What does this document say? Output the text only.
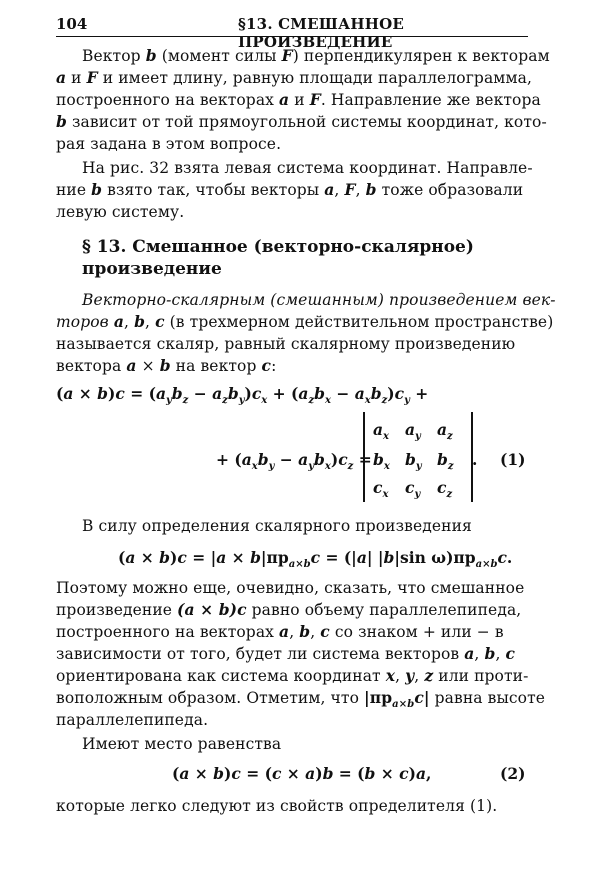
104	§13. СМЕШАННОЕ ПРОИЗВЕДЕНИЕ
Вектор b (момент силы F) перпендикулярен к векторам
a и F и имеет длину, равную площади параллелограмма,
построенного на векторах a и F. Направление же вектора
b зависит от той прямоугольной системы координат, кото-
рая задана в этом вопросе.
На рис. 32 взята левая система координат. Направле-
ние b взято так, чтобы векторы a, F, b тоже образовали
левую систему.
§ 13. Смешанное (векторно-скалярное)
произведение
Векторно-скалярным (смешанным) произведением век-
торов a, b, c (в трехмерном действительном пространстве)
называется скаляр, равный скалярному произведению
вектора a × b на вектор c:
$(a \times b)c = (a_yb_z - a_zb_y)c_x + (a_zb_x - a_xb_z)c_y$ +
+ $(a_xb_y - a_yb_x)c_z$ =
$a_x$ $a_y$ $a_z$
$b_x$ $b_y$ $b_z$
$c_x$ $c_y$ $c_z$
. (1)
В силу определения скалярного произведения
$(a \times b)c = |a \times b|пр_{a\times b}c = (|a|$ |b|sin $\omega)пр_{a\times b}c$.
Поэтому можно еще, очевидно, сказать, что смешанное
произведение (a × b)c равно объему параллелепипеда,
построенного на векторах a, b, c со знаком + или − в
зависимости от того, будет ли система векторов a, b, c
ориентирована как система координат x, y, z или проти-
воположным образом. Отметим, что $|пр_{a\times b}c|$ равна высоте
параллелепипеда.
Имеют место равенства
(a × b)c = (c × a)b = (b × c)a,	(2)
которые легко следуют из свойств определителя (1).
